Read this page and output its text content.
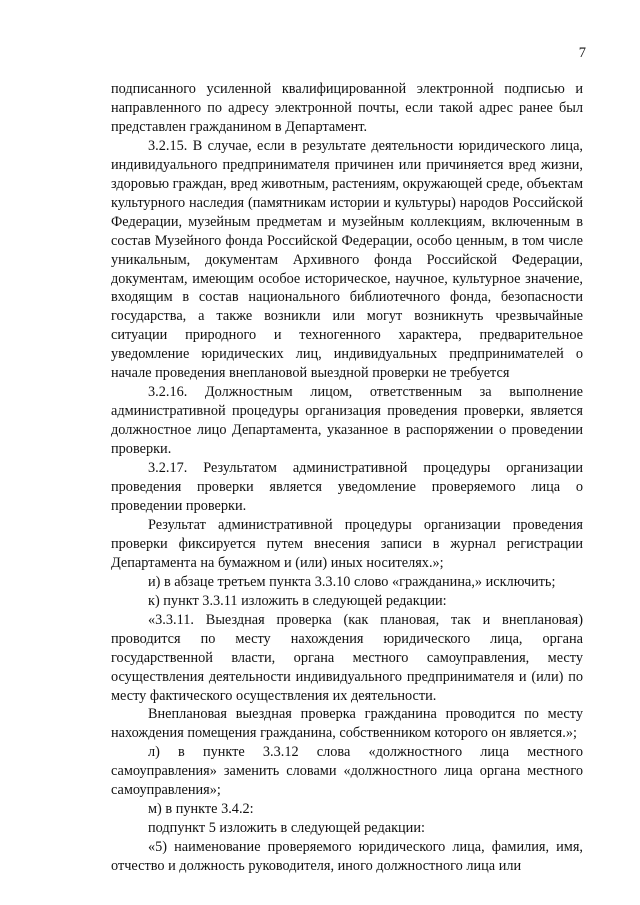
7

подписанного усиленной квалифицированной электронной подписью и направленного по адресу электронной почты, если такой адрес ранее был представлен гражданином в Департамент.

3.2.15. В случае, если в результате деятельности юридического лица, индивидуального предпринимателя причинен или причиняется вред жизни, здоровью граждан, вред животным, растениям, окружающей среде, объектам культурного наследия (памятникам истории и культуры) народов Российской Федерации, музейным предметам и музейным коллекциям, включенным в состав Музейного фонда Российской Федерации, особо ценным, в том числе уникальным, документам Архивного фонда Российской Федерации, документам, имеющим особое историческое, научное, культурное значение, входящим в состав национального библиотечного фонда, безопасности государства, а также возникли или могут возникнуть чрезвычайные ситуации природного и техногенного характера, предварительное уведомление юридических лиц, индивидуальных предпринимателей о начале проведения внеплановой выездной проверки не требуется

3.2.16. Должностным лицом, ответственным за выполнение административной процедуры организация проведения проверки, является должностное лицо Департамента, указанное в распоряжении о проведении проверки.

3.2.17. Результатом административной процедуры организации проведения проверки является уведомление проверяемого лица о проведении проверки.

Результат административной процедуры организации проведения проверки фиксируется путем внесения записи в журнал регистрации Департамента на бумажном и (или) иных носителях.»;

и) в абзаце третьем пункта 3.3.10 слово «гражданина,» исключить;

к) пункт 3.3.11 изложить в следующей редакции:

«3.3.11. Выездная проверка (как плановая, так и внеплановая) проводится по месту нахождения юридического лица, органа государственной власти, органа местного самоуправления, месту осуществления деятельности индивидуального предпринимателя и (или) по месту фактического осуществления их деятельности.

Внеплановая выездная проверка гражданина проводится по месту нахождения помещения гражданина, собственником которого он является.»;

л) в пункте 3.3.12 слова «должностного лица местного самоуправления» заменить словами «должностного лица органа местного самоуправления»;

м) в пункте 3.4.2:

подпункт 5 изложить в следующей редакции:

«5) наименование проверяемого юридического лица, фамилия, имя, отчество и должность руководителя, иного должностного лица или
